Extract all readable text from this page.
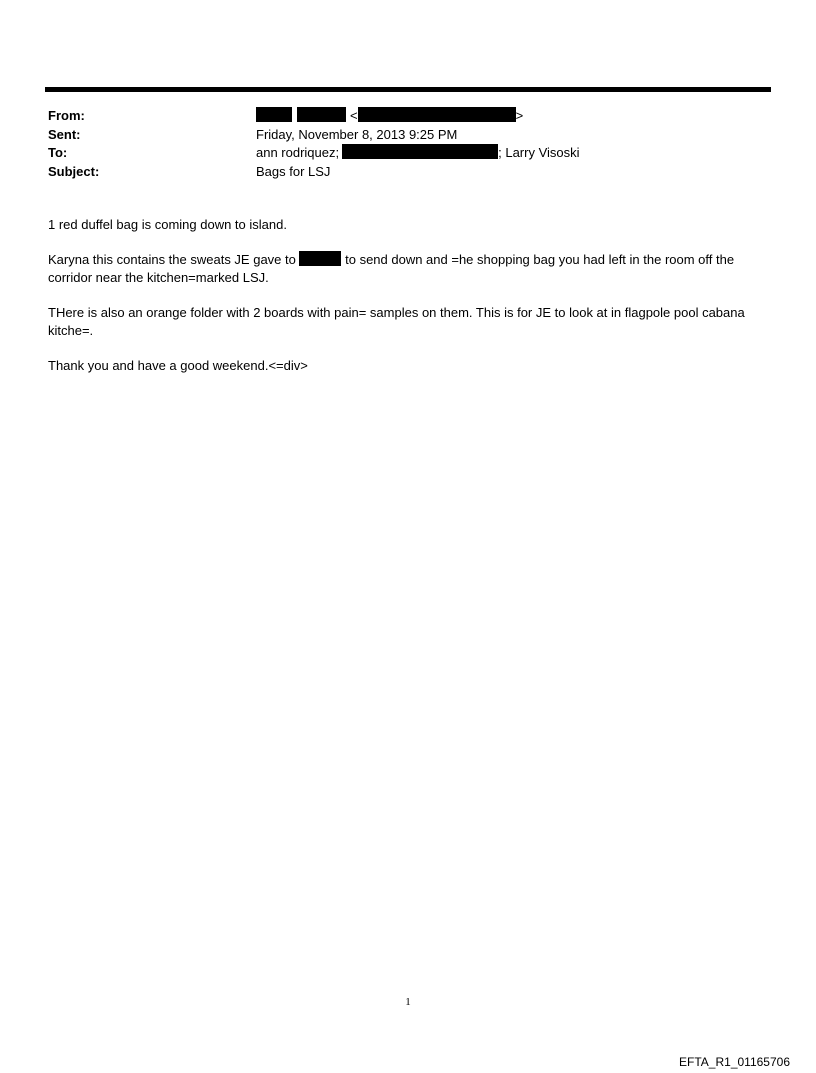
From:	<	>
Sent:	Friday, November 8, 2013 9:25 PM
To:	ann rodriquez;	; Larry Visoski
Subject:	Bags for LSJ

1 red duffel bag is coming down to island.

Karyna this contains the sweats JE gave to	to send down and =he shopping bag you had left in the room off the corridor near the kitchen=marked LSJ.

THere is also an orange folder with 2 boards with pain= samples on them. This is for JE to look at in flagpole pool cabana kitche=.

Thank you and have a good weekend.<=div>

1
EFTA_R1_01165706
